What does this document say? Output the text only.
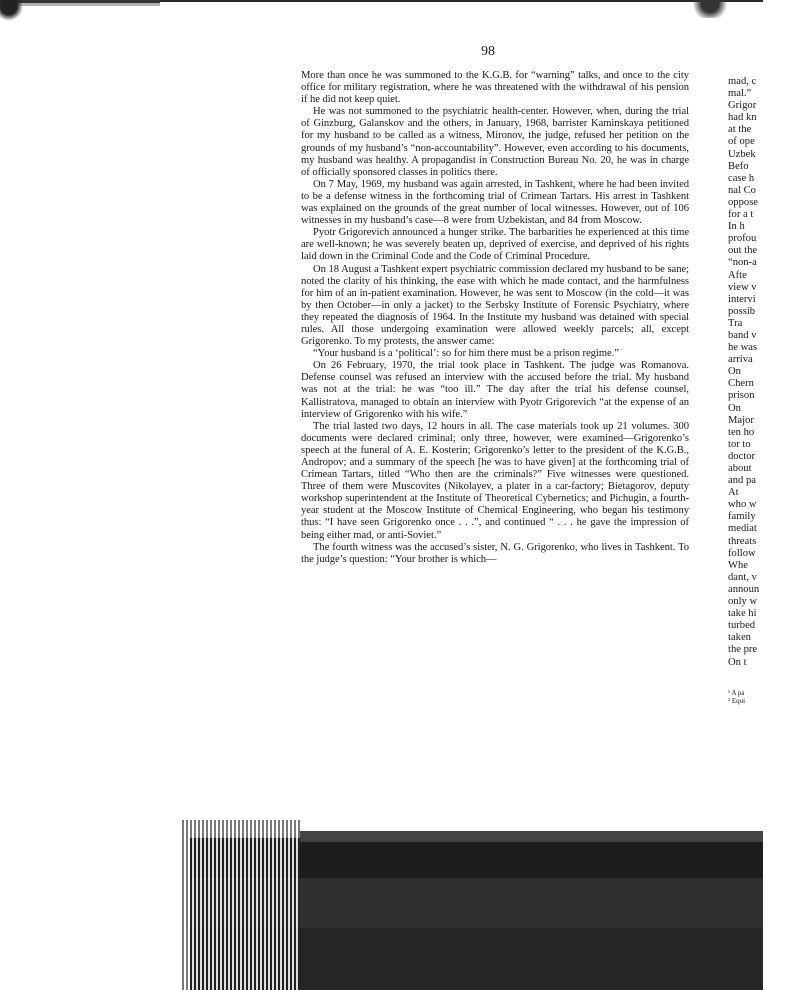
98

More than once he was summoned to the K.G.B. for “warning” talks, and once to the city office for military registration, where he was threatened with the withdrawal of his pension if he did not keep quiet.

He was not summoned to the psychiatric health-center. However, when, during the trial of Ginzburg, Galanskov and the others, in January, 1968, barrister Kaminskaya petitioned for my husband to be called as a witness, Mironov, the judge, refused her petition on the grounds of my husband’s “non-accountability”. However, even according to his documents, my husband was healthy. A propagandist in Construction Bureau No. 20, he was in charge of officially sponsored classes in politics there.

On 7 May, 1969, my husband was again arrested, in Tashkent, where he had been invited to be a defense witness in the forthcoming trial of Crimean Tartars. His arrest in Tashkent was explained on the grounds of the great number of local witnesses. However, out of 106 witnesses in my husband’s case—8 were from Uzbekistan, and 84 from Moscow.

Pyotr Grigorevich announced a hunger strike. The barbarities he experienced at this time are well-known; he was severely beaten up, deprived of exercise, and deprived of his rights laid down in the Criminal Code and the Code of Criminal Procedure.

On 18 August a Tashkent expert psychiatric commission declared my husband to be sane; noted the clarity of his thinking, the ease with which he made contact, and the harmfulness for him of an in-patient examination. However, he was sent to Moscow (in the cold—it was by then October—in only a jacket) to the Serbsky Institute of Forensic Psychiatry, where they repeated the diagnosis of 1964. In the Institute my husband was detained with special rules. All those undergoing examination were allowed weekly parcels; all, except Grigorenko. To my protests, the answer came:

“Your husband is a ‘political’: so for him there must be a prison regime.”

On 26 February, 1970, the trial took place in Tashkent. The judge was Romanova. Defense counsel was refused an interview with the accused before the trial. My husband was not at the trial: he was “too ill.” The day after the trial his defense counsel, Kallistratova, managed to obtain an interview with Pyotr Grigorevich “at the expense of an interview of Grigorenko with his wife.”

The trial lasted two days, 12 hours in all. The case materials took up 21 volumes. 300 documents were declared criminal; only three, however, were examined—Grigorenko’s speech at the funeral of A. E. Kosterin; Grigorenko’s letter to the president of the K.G.B., Andropov; and a summary of the speech [he was to have given] at the forthcoming trial of Crimean Tartars, titled “Who then are the criminals?” Five witnesses were questioned. Three of them were Muscovites (Nikolayev, a plater in a car-factory; Bietagorov, deputy workshop superintendent at the Institute of Theoretical Cybernetics; and Pichugin, a fourth-year student at the Moscow Institute of Chemical Engineering, who began his testimony thus: “I have seen Grigorenko once . . .”, and continued “ . . . he gave the impression of being either mad, or anti-Soviet.”

The fourth witness was the accused’s sister, N. G. Grigorenko, who lives in Tashkent. To the judge’s question: “Your brother is which—

mad, c
mal.”
Grigor
had kn
at the
of ope
Uzbek
Befo
case h
nal Co
oppose
for a t
In h
profou
out the
“non-a
Afte
view v
intervi
possib
Tra
band v
he was
arriva
On
Chern
prison
On
Major
ten ho
tor to
doctor
about
and pa
At
who w
family
mediat
threats
follow
Whe
dant, v
announ
only w
take hi
turbed
taken
the pre
On t
¹ A pa
² Equi
